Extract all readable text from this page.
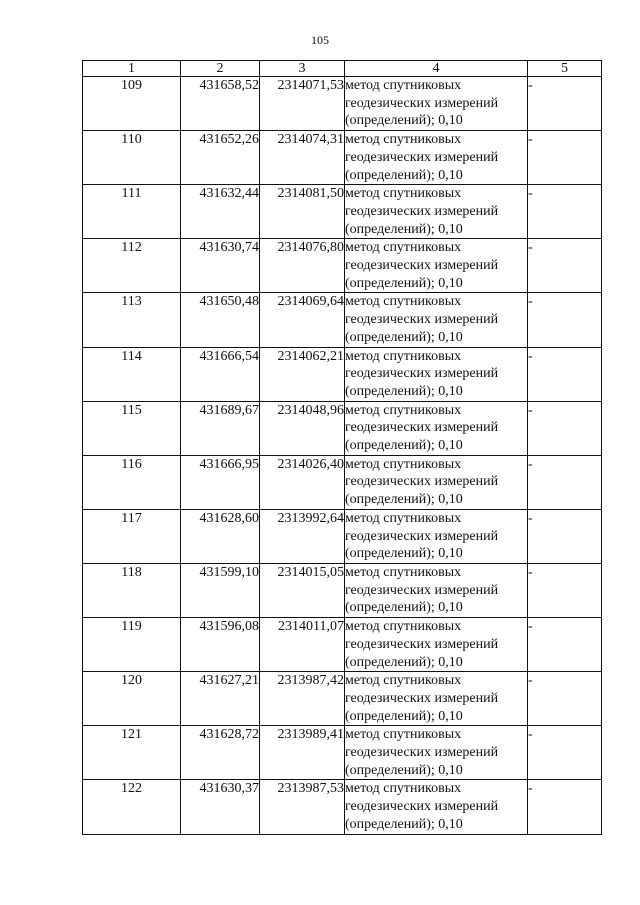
105
1	2	3	4	5
109	431658,52	2314071,53	метод спутниковых
геодезических измерений
(определений); 0,10	-
110	431652,26	2314074,31	метод спутниковых
геодезических измерений
(определений); 0,10	-
111	431632,44	2314081,50	метод спутниковых
геодезических измерений
(определений); 0,10	-
112	431630,74	2314076,80	метод спутниковых
геодезических измерений
(определений); 0,10	-
113	431650,48	2314069,64	метод спутниковых
геодезических измерений
(определений); 0,10	-
114	431666,54	2314062,21	метод спутниковых
геодезических измерений
(определений); 0,10	-
115	431689,67	2314048,96	метод спутниковых
геодезических измерений
(определений); 0,10	-
116	431666,95	2314026,40	метод спутниковых
геодезических измерений
(определений); 0,10	-
117	431628,60	2313992,64	метод спутниковых
геодезических измерений
(определений); 0,10	-
118	431599,10	2314015,05	метод спутниковых
геодезических измерений
(определений); 0,10	-
119	431596,08	2314011,07	метод спутниковых
геодезических измерений
(определений); 0,10	-
120	431627,21	2313987,42	метод спутниковых
геодезических измерений
(определений); 0,10	-
121	431628,72	2313989,41	метод спутниковых
геодезических измерений
(определений); 0,10	-
122	431630,37	2313987,53	метод спутниковых
геодезических измерений
(определений); 0,10	-
